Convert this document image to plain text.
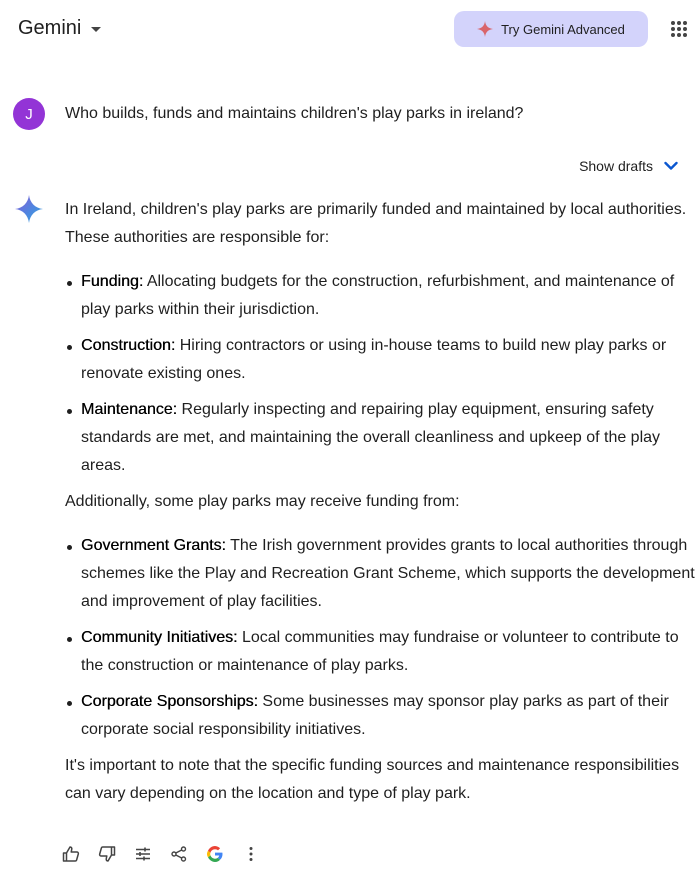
Gemini	Try Gemini Advanced
J	Who builds, funds and maintains children's play parks in ireland?
Show drafts

In Ireland, children's play parks are primarily funded and maintained by local authorities. These authorities are responsible for:

Funding: Allocating budgets for the construction, refurbishment, and maintenance of play parks within their jurisdiction.
Construction: Hiring contractors or using in-house teams to build new play parks or renovate existing ones.
Maintenance: Regularly inspecting and repairing play equipment, ensuring safety standards are met, and maintaining the overall cleanliness and upkeep of the play areas.

Additionally, some play parks may receive funding from:

Government Grants: The Irish government provides grants to local authorities through schemes like the Play and Recreation Grant Scheme, which supports the development and improvement of play facilities.
Community Initiatives: Local communities may fundraise or volunteer to contribute to the construction or maintenance of play parks.
Corporate Sponsorships: Some businesses may sponsor play parks as part of their corporate social responsibility initiatives.

It's important to note that the specific funding sources and maintenance responsibilities can vary depending on the location and type of play park.
